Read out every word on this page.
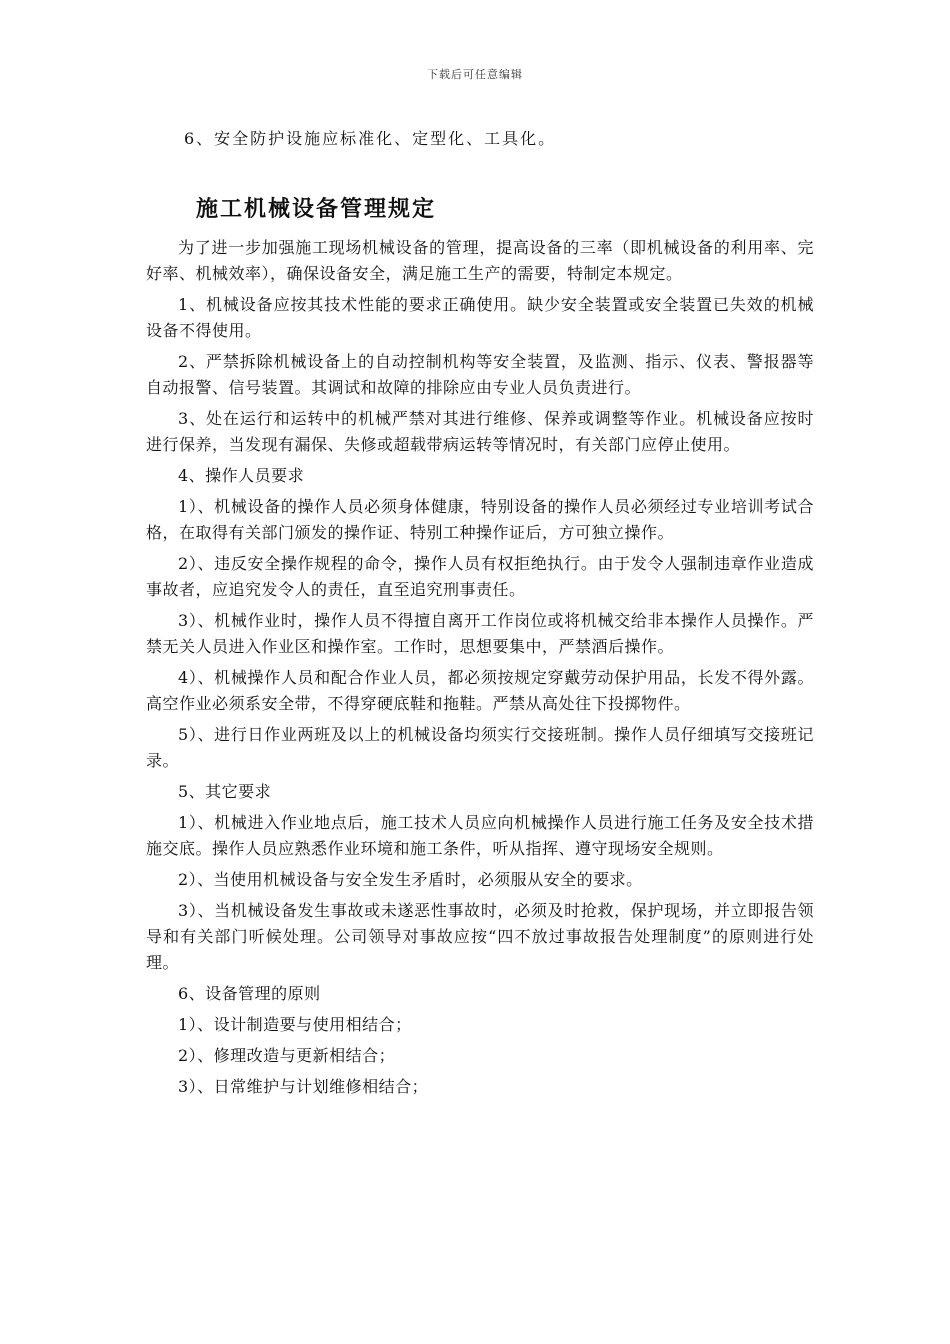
下载后可任意编辑
6、安全防护设施应标准化、定型化、工具化。
施工机械设备管理规定

为了进一步加强施工现场机械设备的管理，提高设备的三率（即机械设备的利用率、完好率、机械效率），确保设备安全，满足施工生产的需要，特制定本规定。

1、机械设备应按其技术性能的要求正确使用。缺少安全装置或安全装置已失效的机械设备不得使用。

2、严禁拆除机械设备上的自动控制机构等安全装置，及监测、指示、仪表、警报器等自动报警、信号装置。其调试和故障的排除应由专业人员负责进行。

3、处在运行和运转中的机械严禁对其进行维修、保养或调整等作业。机械设备应按时进行保养，当发现有漏保、失修或超载带病运转等情况时，有关部门应停止使用。

4、操作人员要求

1）、机械设备的操作人员必须身体健康，特别设备的操作人员必须经过专业培训考试合格，在取得有关部门颁发的操作证、特别工种操作证后，方可独立操作。

2）、违反安全操作规程的命令，操作人员有权拒绝执行。由于发令人强制违章作业造成事故者，应追究发令人的责任，直至追究刑事责任。

3）、机械作业时，操作人员不得擅自离开工作岗位或将机械交给非本操作人员操作。严禁无关人员进入作业区和操作室。工作时，思想要集中，严禁酒后操作。

4）、机械操作人员和配合作业人员，都必须按规定穿戴劳动保护用品，长发不得外露。高空作业必须系安全带，不得穿硬底鞋和拖鞋。严禁从高处往下投掷物件。

5）、进行日作业两班及以上的机械设备均须实行交接班制。操作人员仔细填写交接班记录。

5、其它要求

1）、机械进入作业地点后，施工技术人员应向机械操作人员进行施工任务及安全技术措施交底。操作人员应熟悉作业环境和施工条件，听从指挥、遵守现场安全规则。

2）、当使用机械设备与安全发生矛盾时，必须服从安全的要求。

3）、当机械设备发生事故或未遂恶性事故时，必须及时抢救，保护现场，并立即报告领导和有关部门听候处理。公司领导对事故应按“四不放过事故报告处理制度”的原则进行处理。

6、设备管理的原则

1）、设计制造要与使用相结合；

2）、修理改造与更新相结合；

3）、日常维护与计划维修相结合；
